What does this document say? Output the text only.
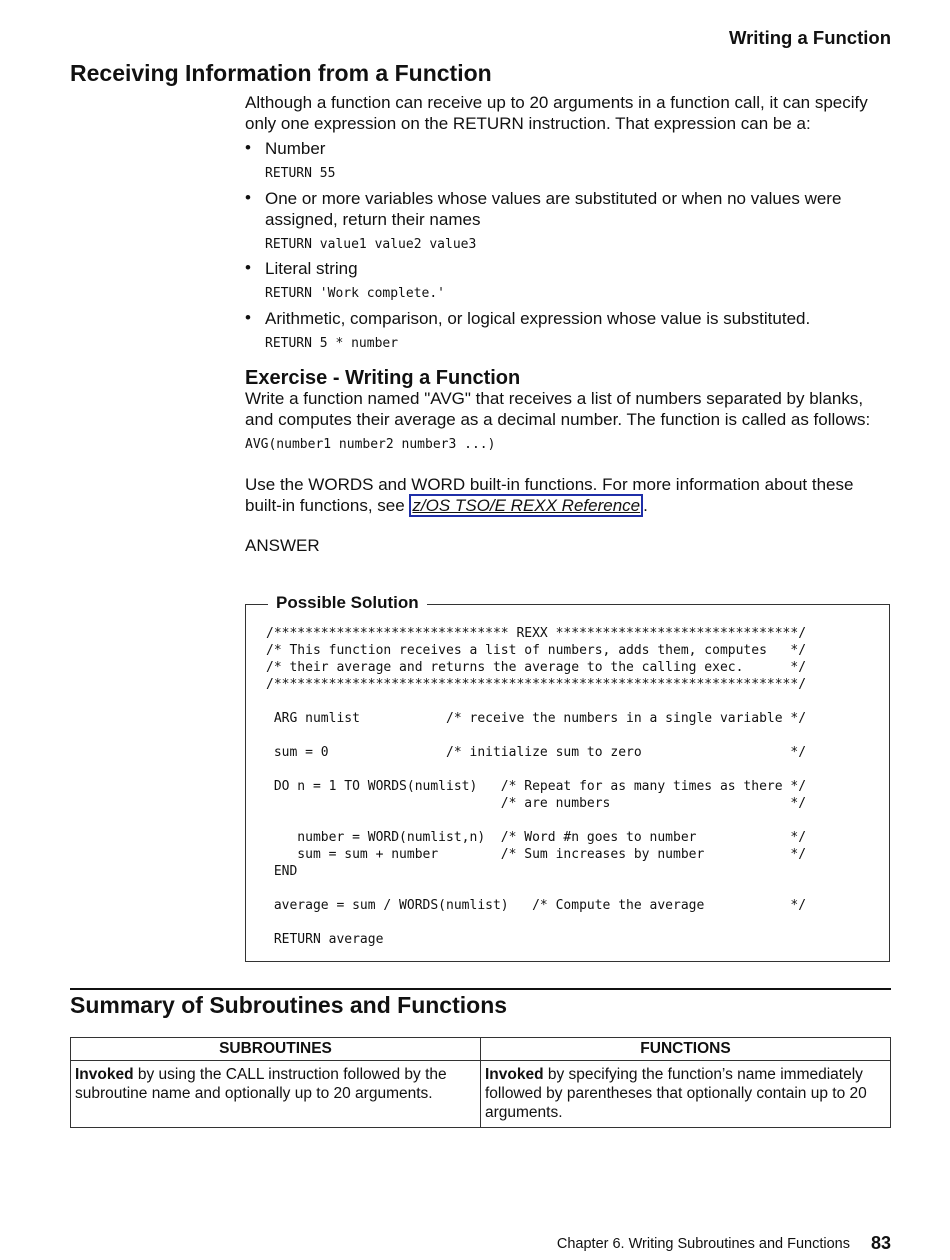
Writing a Function
Receiving Information from a Function
Although a function can receive up to 20 arguments in a function call, it can specify
only one expression on the RETURN instruction. That expression can be a:
• Number
RETURN 55
• One or more variables whose values are substituted or when no values were
assigned, return their names
RETURN value1 value2 value3
• Literal string
RETURN 'Work complete.'
• Arithmetic, comparison, or logical expression whose value is substituted.
RETURN 5 * number
Exercise - Writing a Function
Write a function named "AVG" that receives a list of numbers separated by blanks,
and computes their average as a decimal number. The function is called as follows:
AVG(number1 number2 number3 ...)
Use the WORDS and WORD built-in functions. For more information about these
built-in functions, see z/OS TSO/E REXX Reference .
ANSWER
Possible Solution
/****************************** REXX *******************************/
/* This function receives a list of numbers, adds them, computes   */
/* their average and returns the average to the calling exec.      */
/*******************************************************************/

ARG numlist           /* receive the numbers in a single variable */

sum = 0               /* initialize sum to zero                   */

DO n = 1 TO WORDS(numlist)   /* Repeat for as many times as there */
/* are numbers                       */

number = WORD(numlist,n)  /* Word #n goes to number            */
sum = sum + number        /* Sum increases by number           */
END

average = sum / WORDS(numlist)   /* Compute the average           */

RETURN average
Summary of Subroutines and Functions
SUBROUTINES	FUNCTIONS
Invoked by using the CALL instruction followed by the subroutine name and optionally up to 20 arguments.	Invoked by specifying the function’s name immediately followed by parentheses that optionally contain up to 20 arguments.
Chapter 6. Writing Subroutines and Functions 83
